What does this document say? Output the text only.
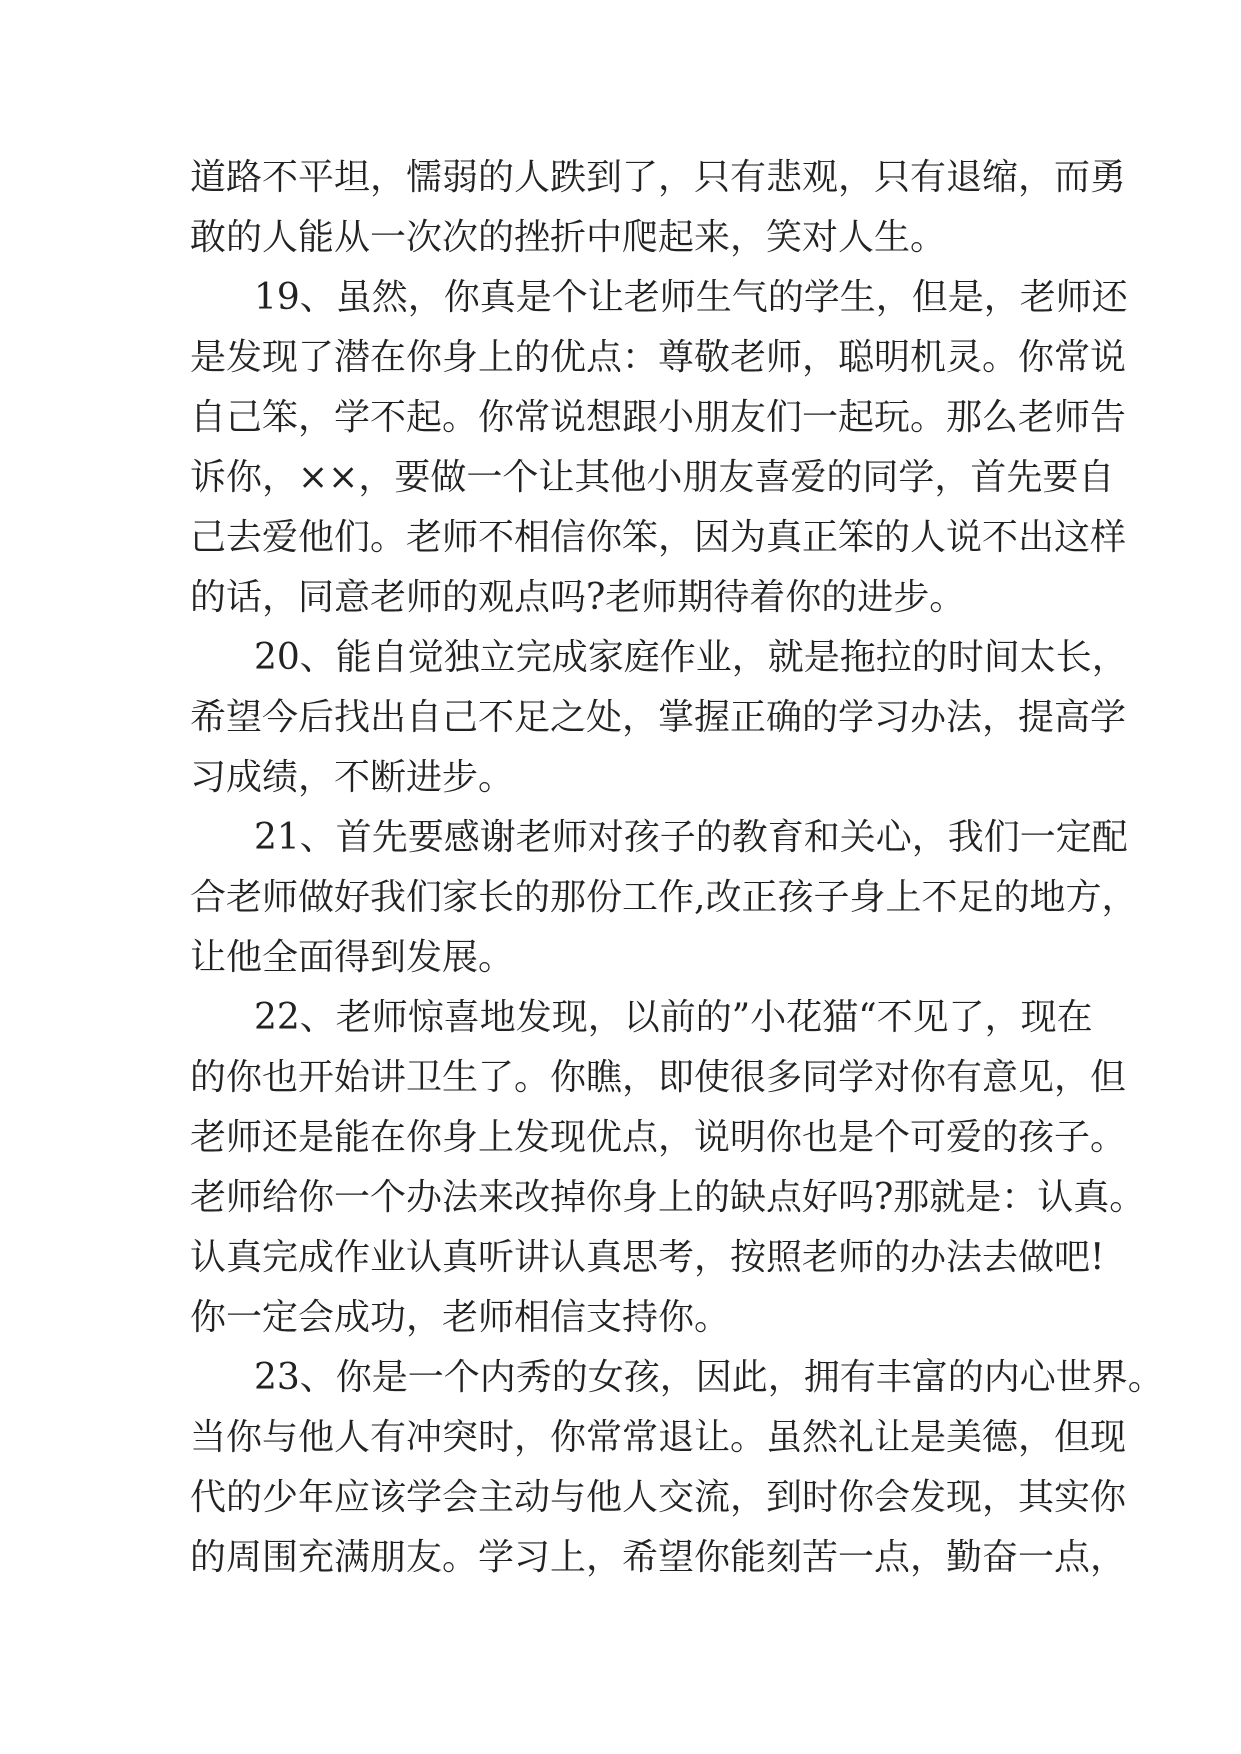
道路不平坦，懦弱的人跌到了，只有悲观，只有退缩，而勇
敢的人能从一次次的挫折中爬起来，笑对人生。
19、虽然，你真是个让老师生气的学生，但是，老师还
是发现了潜在你身上的优点：尊敬老师，聪明机灵。你常说
自己笨，学不起。你常说想跟小朋友们一起玩。那么老师告
诉你，××，要做一个让其他小朋友喜爱的同学，首先要自
己去爱他们。老师不相信你笨，因为真正笨的人说不出这样
的话，同意老师的观点吗?老师期待着你的进步。
20、能自觉独立完成家庭作业，就是拖拉的时间太长，
希望今后找出自己不足之处，掌握正确的学习办法，提高学
习成绩，不断进步。
21、首先要感谢老师对孩子的教育和关心，我们一定配
合老师做好我们家长的那份工作,改正孩子身上不足的地方，
让他全面得到发展。
22、老师惊喜地发现，以前的”小花猫“不见了，现在
的你也开始讲卫生了。你瞧，即使很多同学对你有意见，但
老师还是能在你身上发现优点，说明你也是个可爱的孩子。
老师给你一个办法来改掉你身上的缺点好吗?那就是：认真。
认真完成作业认真听讲认真思考，按照老师的办法去做吧!
你一定会成功，老师相信支持你。
23、你是一个内秀的女孩，因此，拥有丰富的内心世界。
当你与他人有冲突时，你常常退让。虽然礼让是美德，但现
代的少年应该学会主动与他人交流，到时你会发现，其实你
的周围充满朋友。学习上，希望你能刻苦一点，勤奋一点，
